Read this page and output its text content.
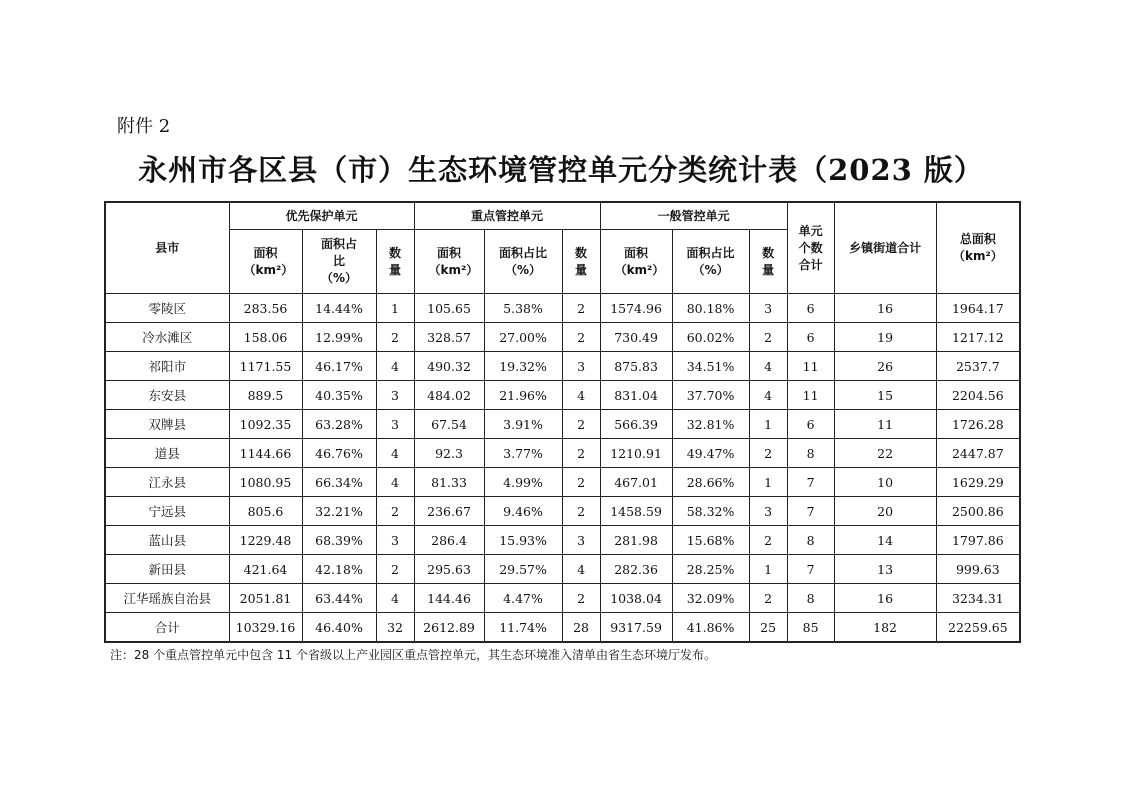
附件 2
永州市各区县（市）生态环境管控单元分类统计表（2023 版）
县市	优先保护单元			重点管控单元			一般管控单元			单元个数合计	乡镇街道合计	总面积（km²）
	面积（km²）	面积占比（%）	数量	面积（km²）	面积占比（%）	数量	面积（km²）	面积占比（%）	数量			
零陵区	283.56	14.44%	1	105.65	5.38%	2	1574.96	80.18%	3	6	16	1964.17
冷水滩区	158.06	12.99%	2	328.57	27.00%	2	730.49	60.02%	2	6	19	1217.12
祁阳市	1171.55	46.17%	4	490.32	19.32%	3	875.83	34.51%	4	11	26	2537.7
东安县	889.5	40.35%	3	484.02	21.96%	4	831.04	37.70%	4	11	15	2204.56
双牌县	1092.35	63.28%	3	67.54	3.91%	2	566.39	32.81%	1	6	11	1726.28
道县	1144.66	46.76%	4	92.3	3.77%	2	1210.91	49.47%	2	8	22	2447.87
江永县	1080.95	66.34%	4	81.33	4.99%	2	467.01	28.66%	1	7	10	1629.29
宁远县	805.6	32.21%	2	236.67	9.46%	2	1458.59	58.32%	3	7	20	2500.86
蓝山县	1229.48	68.39%	3	286.4	15.93%	3	281.98	15.68%	2	8	14	1797.86
新田县	421.64	42.18%	2	295.63	29.57%	4	282.36	28.25%	1	7	13	999.63
江华瑶族自治县	2051.81	63.44%	4	144.46	4.47%	2	1038.04	32.09%	2	8	16	3234.31
合计	10329.16	46.40%	32	2612.89	11.74%	28	9317.59	41.86%	25	85	182	22259.65
注：28 个重点管控单元中包含 11 个省级以上产业园区重点管控单元，其生态环境准入清单由省生态环境厅发布。
